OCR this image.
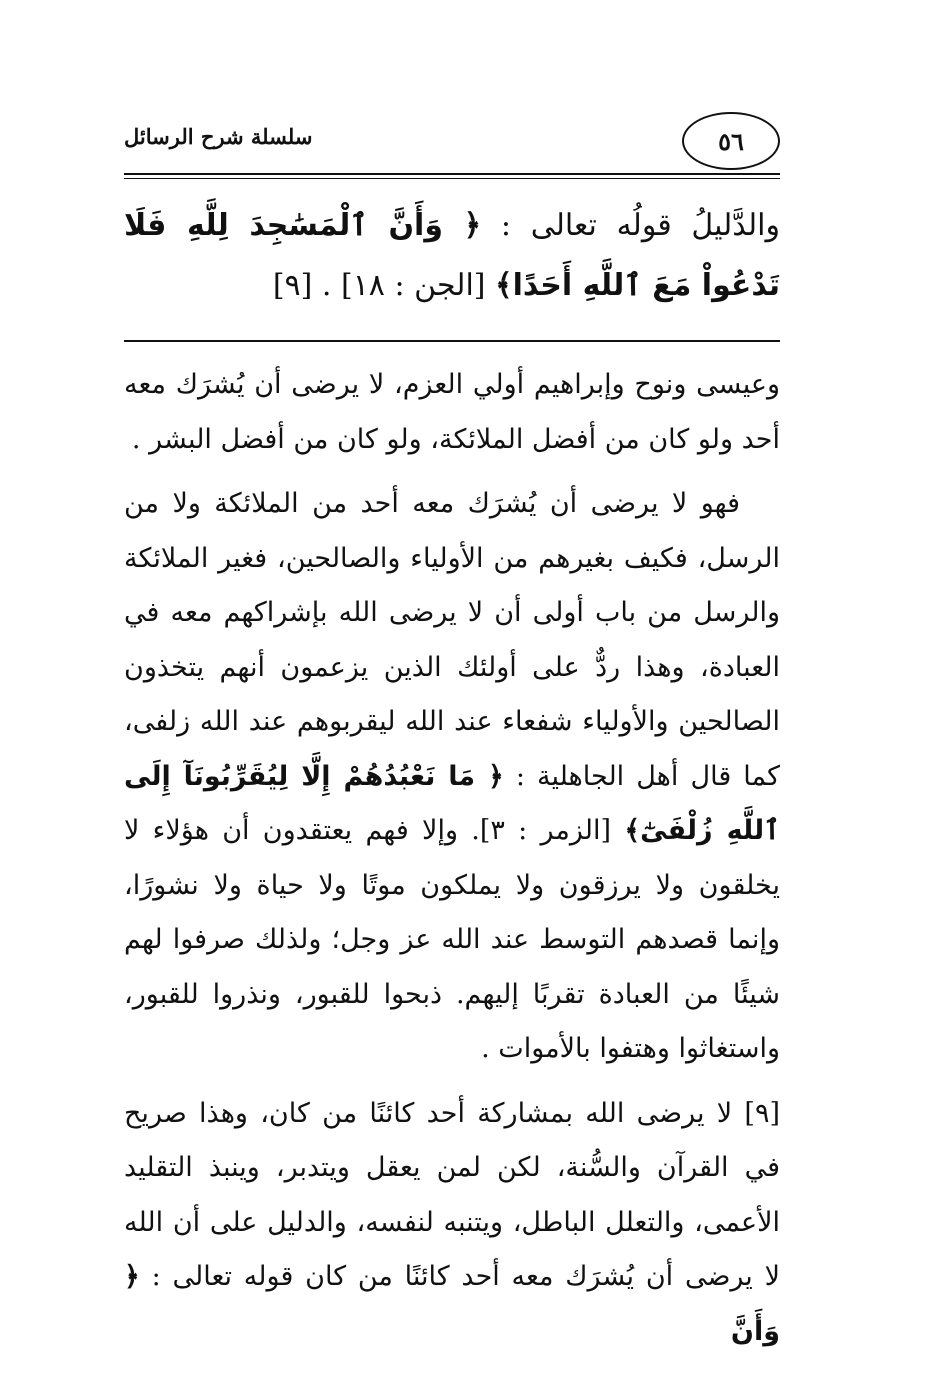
سلسلة شرح الرسائل	٥٦

والدَّليلُ قولُه تعالى : ﴿ وَأَنَّ ٱلْمَسَٰجِدَ لِلَّهِ فَلَا تَدْعُواْ مَعَ ٱللَّهِ أَحَدًا﴾ [الجن : ١٨] . [٩]

وعيسى ونوح وإبراهيم أولي العزم، لا يرضى أن يُشرَك معه أحد ولو كان من أفضل الملائكة، ولو كان من أفضل البشر .

فهو لا يرضى أن يُشرَك معه أحد من الملائكة ولا من الرسل، فكيف بغيرهم من الأولياء والصالحين، فغير الملائكة والرسل من باب أولى أن لا يرضى الله بإشراكهم معه في العبادة، وهذا ردٌّ على أولئك الذين يزعمون أنهم يتخذون الصالحين والأولياء شفعاء عند الله ليقربوهم عند الله زلفى، كما قال أهل الجاهلية : ﴿ مَا نَعْبُدُهُمْ إِلَّا لِيُقَرِّبُونَآ إِلَى ٱللَّهِ زُلْفَىٰٓ﴾ [الزمر : ٣]. وإلا فهم يعتقدون أن هؤلاء لا يخلقون ولا يرزقون ولا يملكون موتًا ولا حياة ولا نشورًا، وإنما قصدهم التوسط عند الله عز وجل؛ ولذلك صرفوا لهم شيئًا من العبادة تقربًا إليهم. ذبحوا للقبور، ونذروا للقبور، واستغاثوا وهتفوا بالأموات .

[٩] لا يرضى الله بمشاركة أحد كائنًا من كان، وهذا صريح في القرآن والسُّنة، لكن لمن يعقل ويتدبر، وينبذ التقليد الأعمى، والتعلل الباطل، ويتنبه لنفسه، والدليل على أن الله لا يرضى أن يُشرَك معه أحد كائنًا من كان قوله تعالى : ﴿ وَأَنَّ
